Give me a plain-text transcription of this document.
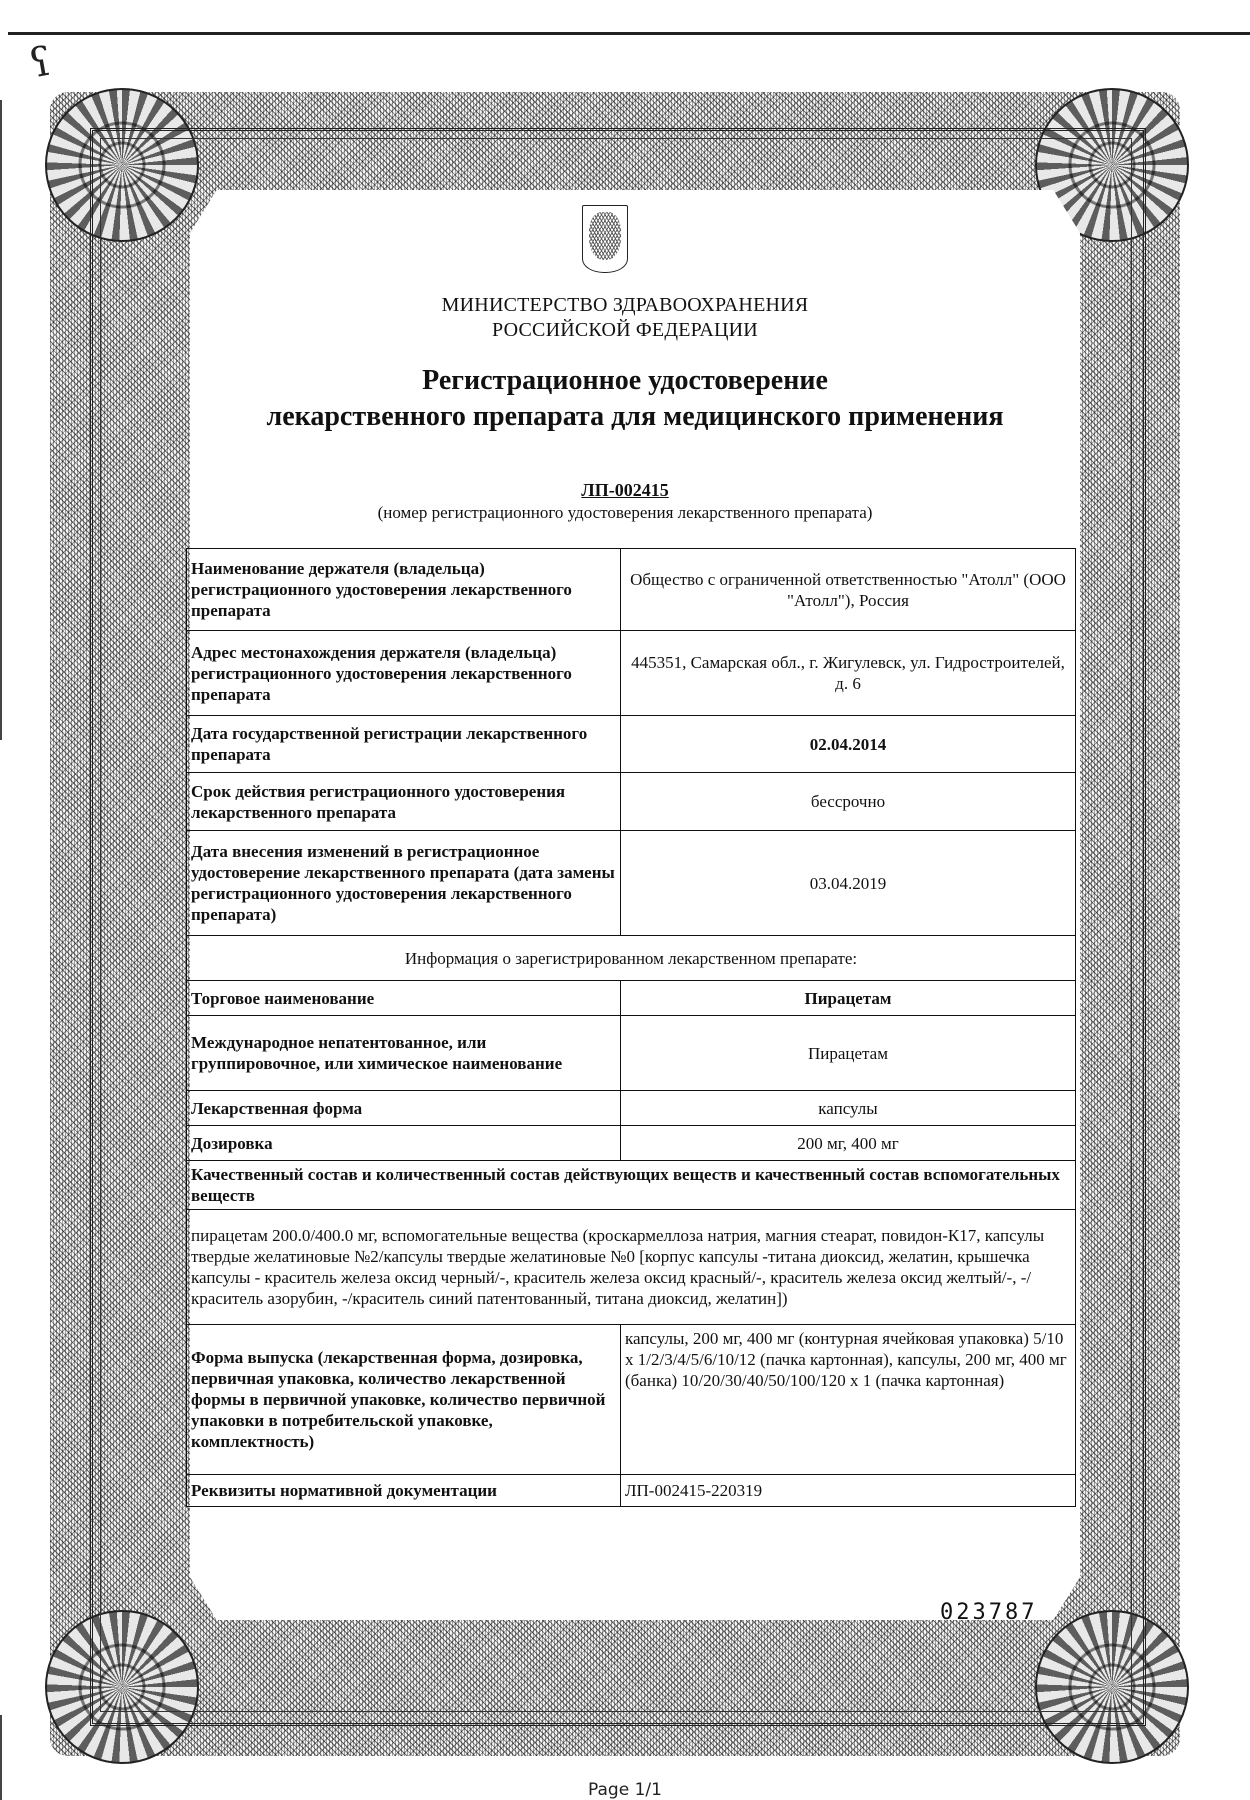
ʕ
МИНИСТЕРСТВО ЗДРАВООХРАНЕНИЯ
РОССИЙСКОЙ ФЕДЕРАЦИИ
Регистрационное удостоверение
лекарственного препарата для медицинского применения
ЛП-002415
(номер регистрационного удостоверения лекарственного препарата)
Наименование держателя (владельца) регистрационного удостоверения лекарственного препарата	Общество с ограниченной ответственностью "Атолл" (ООО "Атолл"), Россия
Адрес местонахождения держателя (владельца) регистрационного удостоверения лекарственного препарата	445351, Самарская обл., г. Жигулевск, ул. Гидростроителей, д. 6
Дата государственной регистрации лекарственного препарата	02.04.2014
Срок действия регистрационного удостоверения лекарственного препарата	бессрочно
Дата внесения изменений в регистрационное удостоверение лекарственного препарата (дата замены регистрационного удостоверения лекарственного препарата)	03.04.2019
Информация о зарегистрированном лекарственном препарате:	
Торговое наименование	Пирацетам
Международное непатентованное, или группировочное, или химическое наименование	Пирацетам
Лекарственная форма	капсулы
Дозировка	200 мг, 400 мг
Качественный состав и количественный состав действующих веществ и качественный состав вспомогательных веществ	
пирацетам 200.0/400.0 мг, вспомогательные вещества (кроскармеллоза натрия, магния стеарат, повидон-К17, капсулы твердые желатиновые №2/капсулы твердые желатиновые №0 [корпус капсулы -титана диоксид, желатин, крышечка капсулы - краситель железа оксид черный/-, краситель железа оксид красный/-, краситель железа оксид желтый/-, -/краситель азорубин, -/краситель синий патентованный, титана диоксид, желатин])	
Форма выпуска (лекарственная форма, дозировка, первичная упаковка, количество лекарственной формы в первичной упаковке, количество первичной упаковки в потребительской упаковке, комплектность)	капсулы, 200 мг, 400 мг (контурная ячейковая упаковка) 5/10 х 1/2/3/4/5/6/10/12 (пачка картонная), капсулы, 200 мг, 400 мг (банка) 10/20/30/40/50/100/120 х 1 (пачка картонная)
Реквизиты нормативной документации	ЛП-002415-220319
023787
Page 1/1
